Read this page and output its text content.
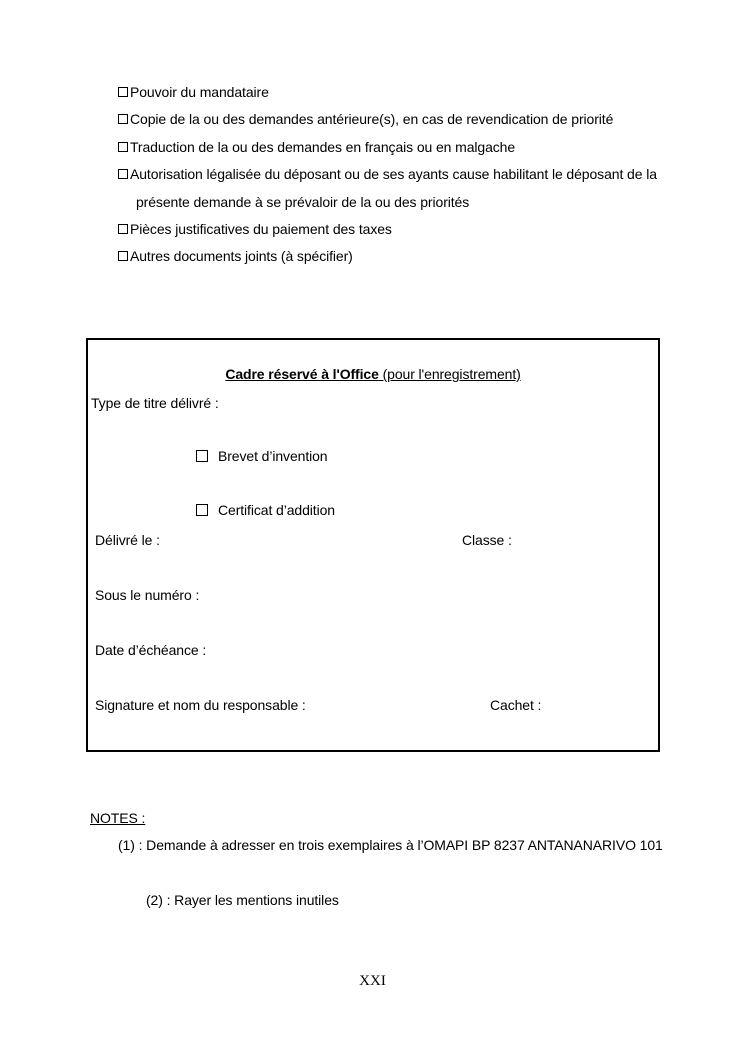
Pouvoir du mandataire
Copie de la ou des demandes antérieure(s), en cas de revendication de priorité
Traduction de la ou des demandes en français ou en malgache
Autorisation légalisée du déposant ou de ses ayants cause habilitant le déposant de la
présente demande à se prévaloir de la ou des priorités
Pièces justificatives du paiement des taxes
Autres documents joints (à spécifier)
Cadre réservé à l'Office (pour l'enregistrement)
Type de titre délivré :
Brevet d’invention
Certificat d’addition
Délivré le :	Classe :
Sous le numéro :
Date d’échéance :
Signature et nom du responsable :	Cachet :
NOTES :
(1) : Demande à adresser en trois exemplaires à l’OMAPI BP 8237 ANTANANARIVO 101
(2) : Rayer les mentions inutiles
XXI
